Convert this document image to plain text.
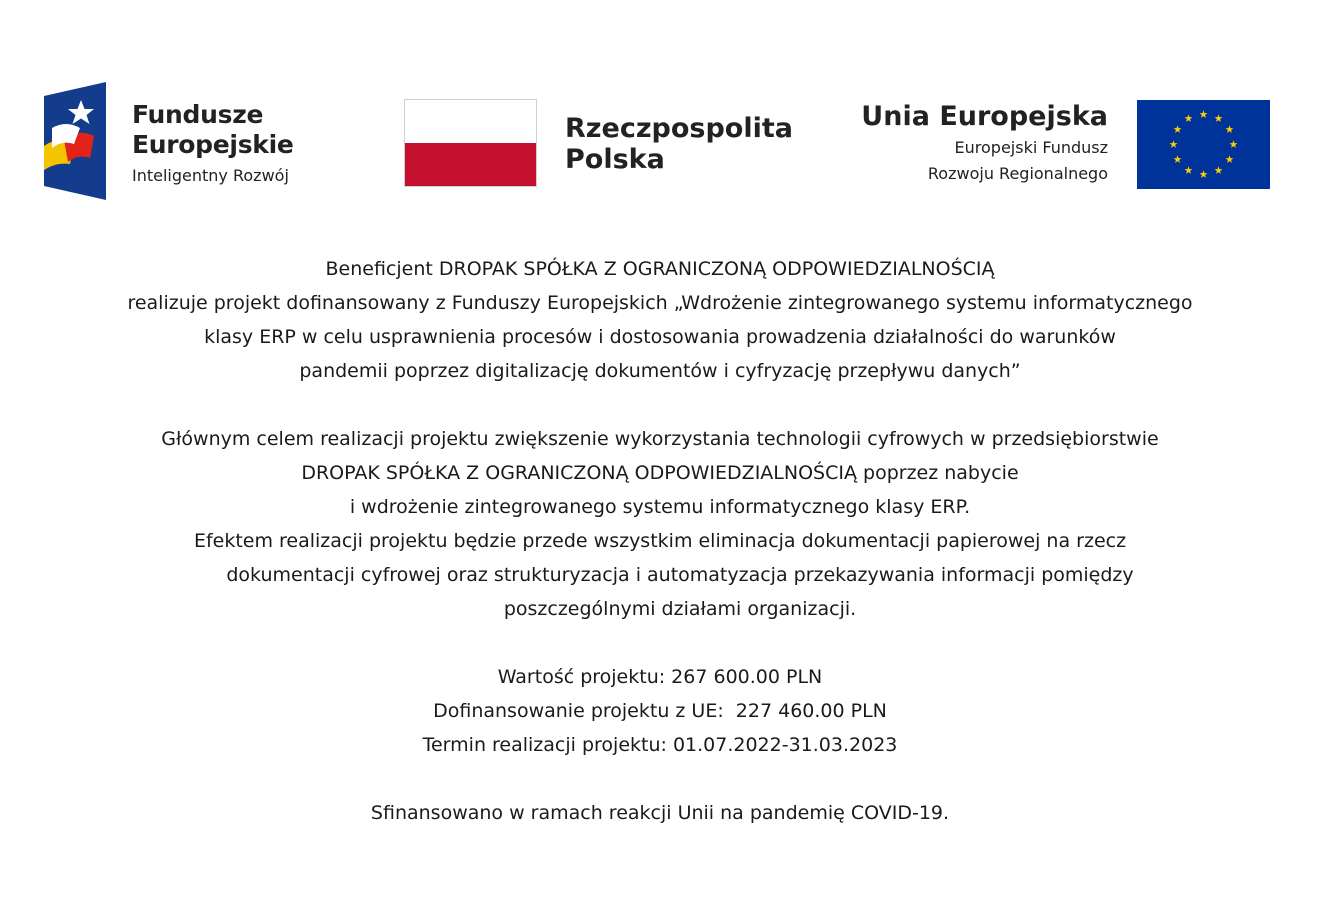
Fundusze
Europejskie
Inteligentny Rozwój
Rzeczpospolita
Polska
Unia Europejska
Europejski Fundusz
Rozwoju Regionalnego

Beneficjent DROPAK SPÓŁKA Z OGRANICZONĄ ODPOWIEDZIALNOŚCIĄ
realizuje projekt dofinansowany z Funduszy Europejskich „Wdrożenie zintegrowanego systemu informatycznego
klasy ERP w celu usprawnienia procesów i dostosowania prowadzenia działalności do warunków
pandemii poprzez digitalizację dokumentów i cyfryzację przepływu danych”

Głównym celem realizacji projektu zwiększenie wykorzystania technologii cyfrowych w przedsiębiorstwie
DROPAK SPÓŁKA Z OGRANICZONĄ ODPOWIEDZIALNOŚCIĄ poprzez nabycie
i wdrożenie zintegrowanego systemu informatycznego klasy ERP.
Efektem realizacji projektu będzie przede wszystkim eliminacja dokumentacji papierowej na rzecz
dokumentacji cyfrowej oraz strukturyzacja i automatyzacja przekazywania informacji pomiędzy
poszczególnymi działami organizacji.

Wartość projektu: 267 600.00 PLN
Dofinansowanie projektu z UE:  227 460.00 PLN
Termin realizacji projektu: 01.07.2022-31.03.2023

Sfinansowano w ramach reakcji Unii na pandemię COVID-19.
